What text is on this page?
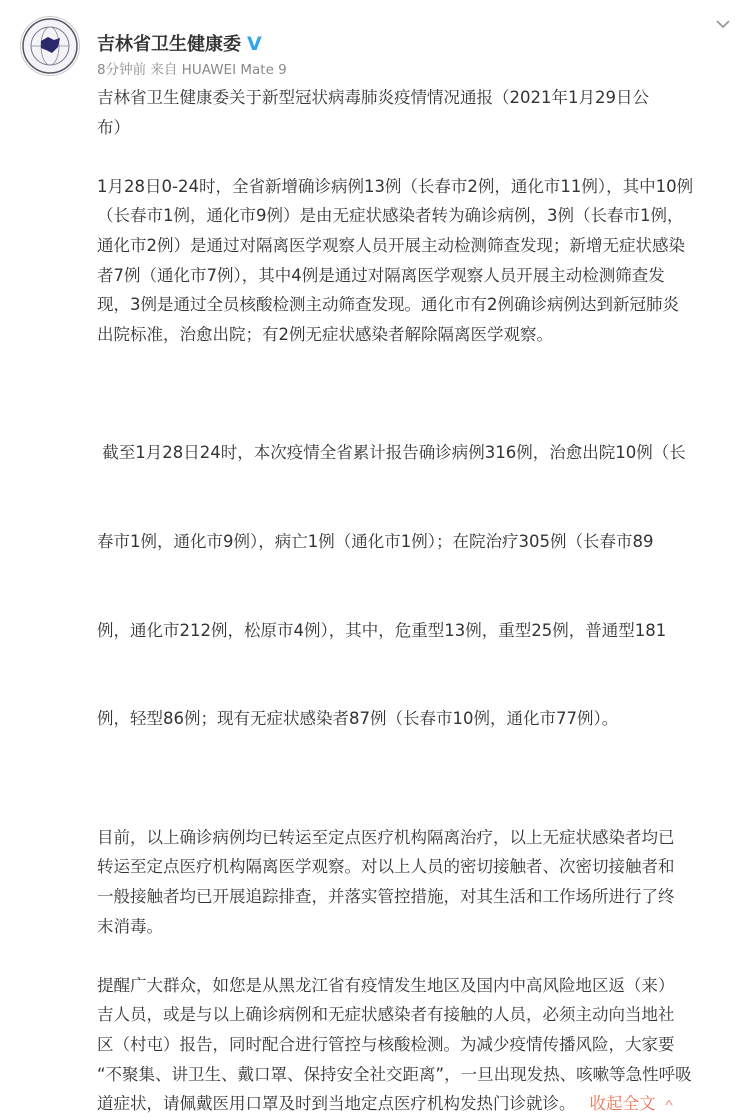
吉林省卫生健康委 V
8分钟前 来自 HUAWEI Mate 9
吉林省卫生健康委关于新型冠状病毒肺炎疫情情况通报（2021年1月29日公
布）
1月28日0-24时，全省新增确诊病例13例（长春市2例，通化市11例），其中10例
（长春市1例，通化市9例）是由无症状感染者转为确诊病例，3例（长春市1例，
通化市2例）是通过对隔离医学观察人员开展主动检测筛查发现；新增无症状感染
者7例（通化市7例），其中4例是通过对隔离医学观察人员开展主动检测筛查发
现，3例是通过全员核酸检测主动筛查发现。通化市有2例确诊病例达到新冠肺炎
出院标准，治愈出院；有2例无症状感染者解除隔离医学观察。

截至1月28日24时，本次疫情全省累计报告确诊病例316例，治愈出院10例（长

春市1例，通化市9例），病亡1例（通化市1例）；在院治疗305例（长春市89

例，通化市212例，松原市4例），其中，危重型13例，重型25例，普通型181

例，轻型86例；现有无症状感染者87例（长春市10例，通化市77例）。

目前，以上确诊病例均已转运至定点医疗机构隔离治疗，以上无症状感染者均已
转运至定点医疗机构隔离医学观察。对以上人员的密切接触者、次密切接触者和
一般接触者均已开展追踪排查，并落实管控措施，对其生活和工作场所进行了终
末消毒。
提醒广大群众，如您是从黑龙江省有疫情发生地区及国内中高风险地区返（来）
吉人员，或是与以上确诊病例和无症状感染者有接触的人员，必须主动向当地社
区（村屯）报告，同时配合进行管控与核酸检测。为减少疫情传播风险，大家要
“不聚集、讲卫生、戴口罩、保持安全社交距离”，一旦出现发热、咳嗽等急性呼吸
道症状，请佩戴医用口罩及时到当地定点医疗机构发热门诊就诊。 收起全文 ＾
